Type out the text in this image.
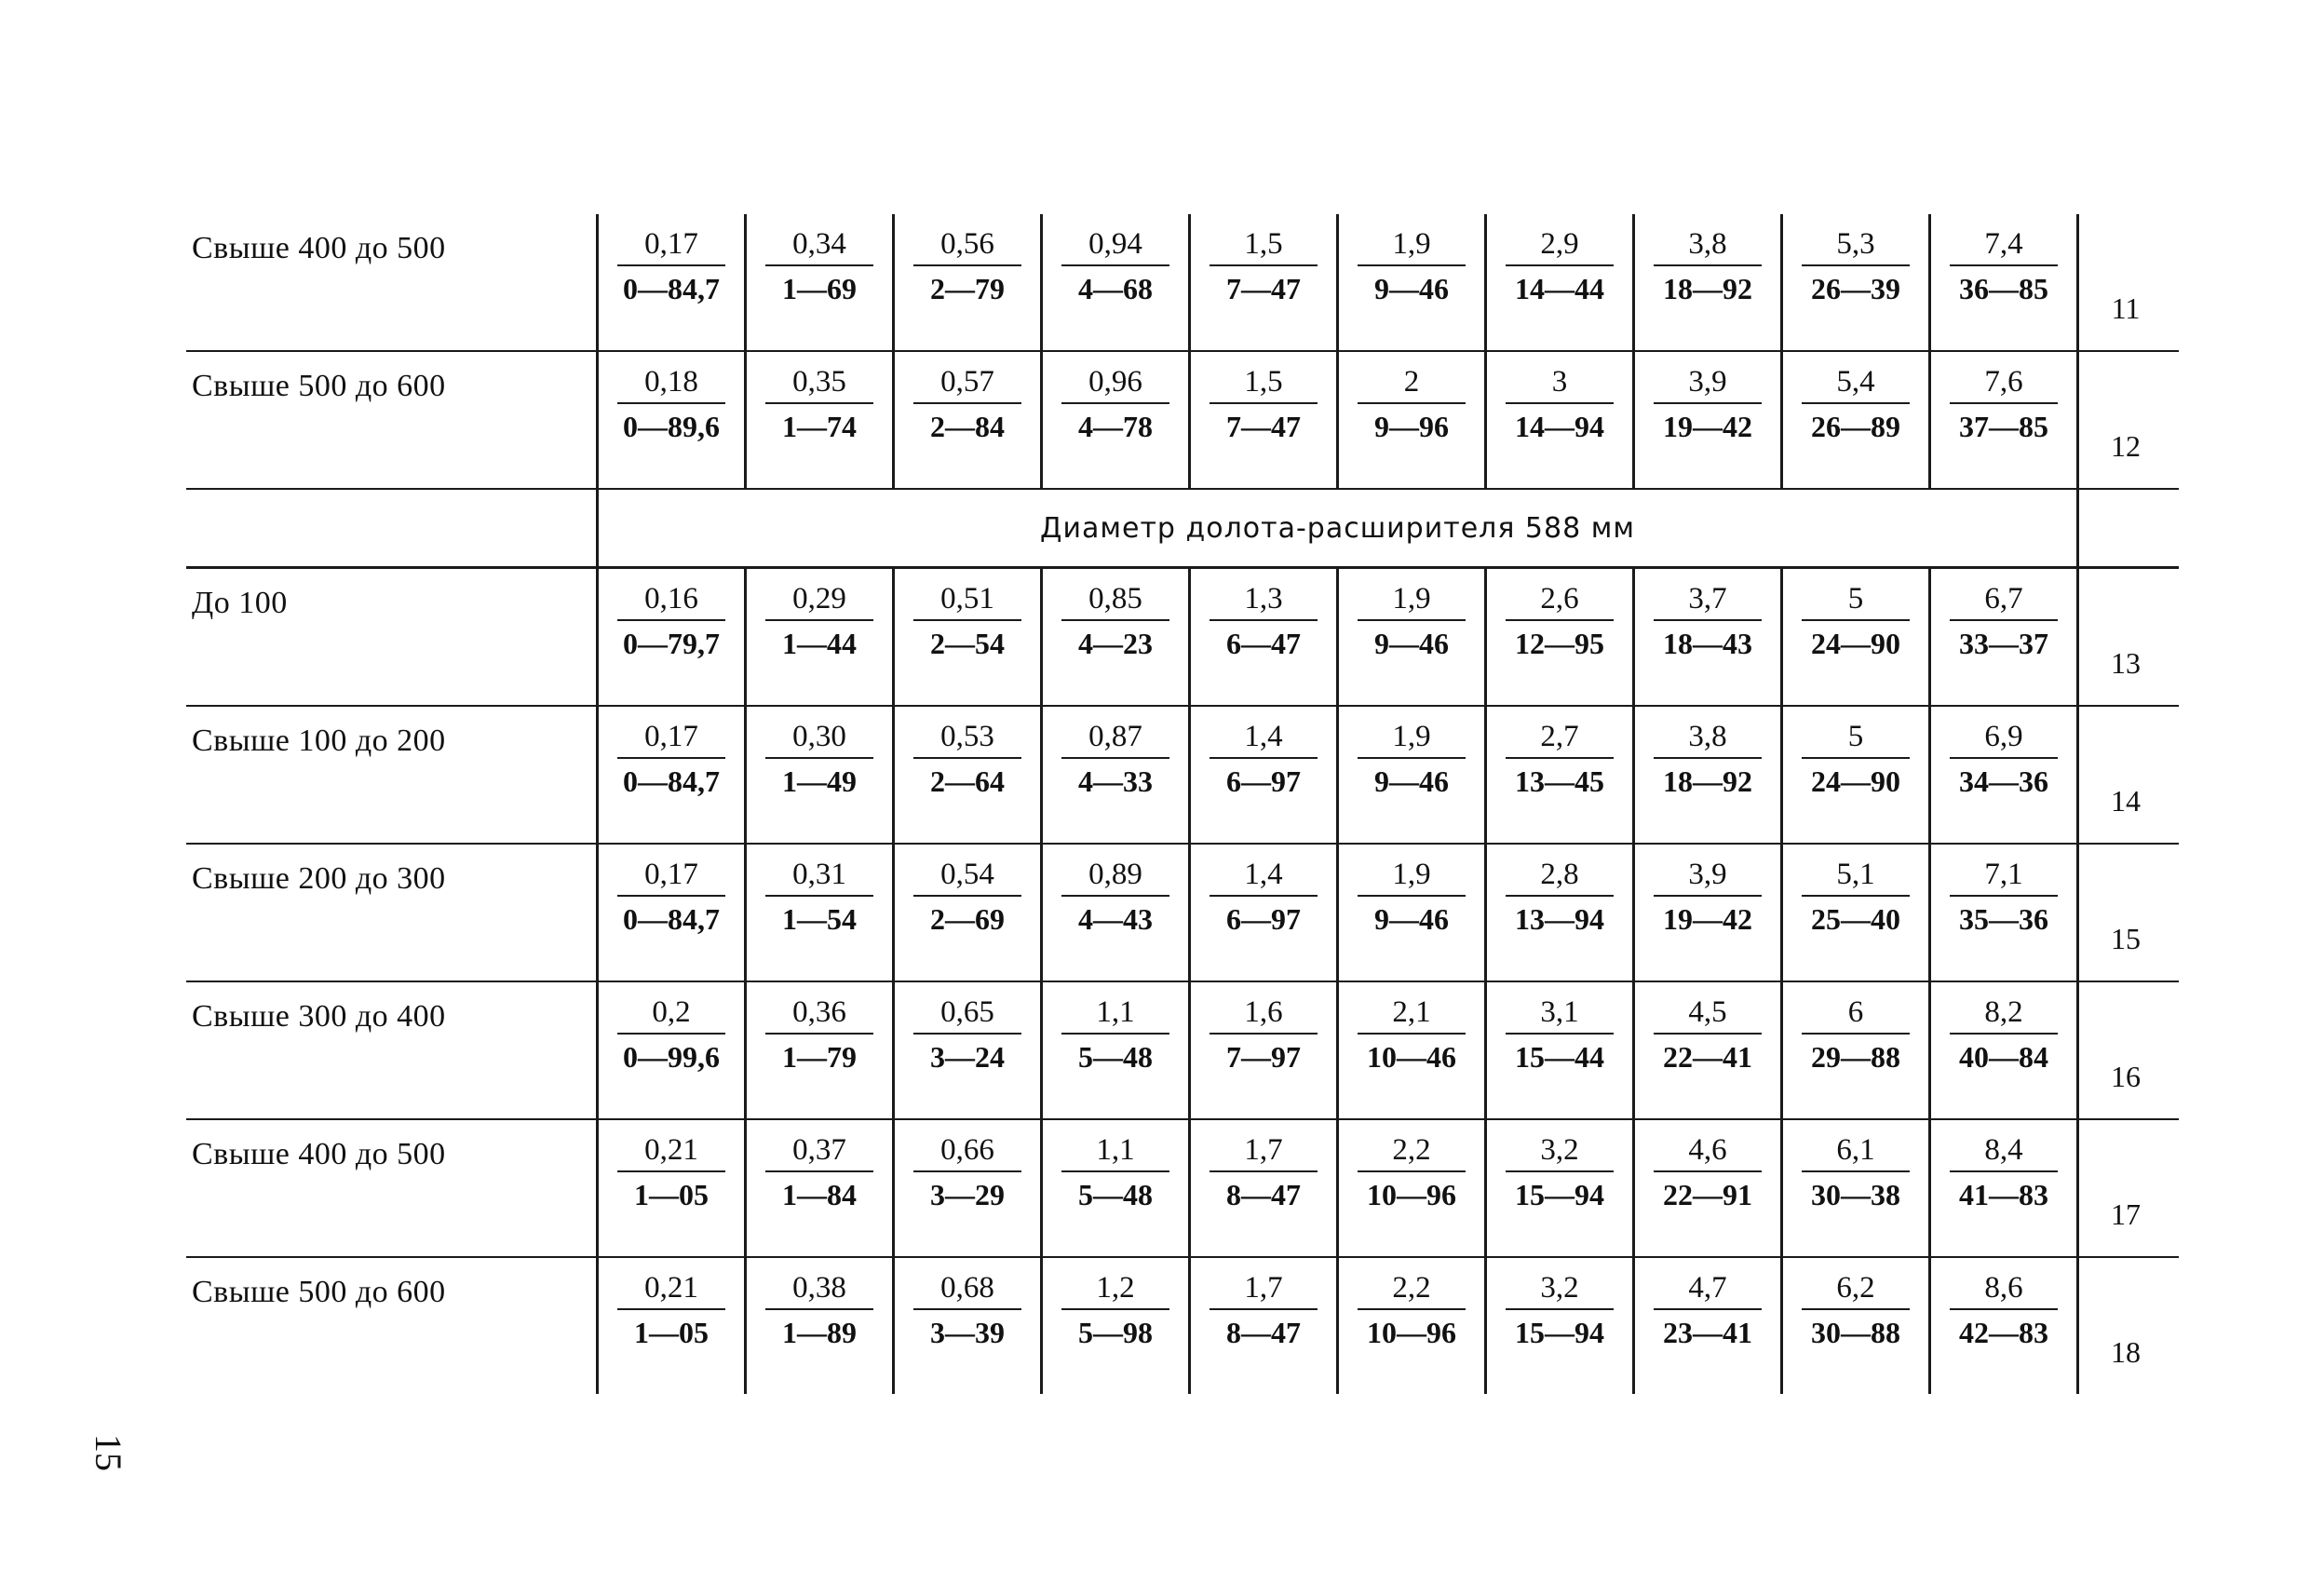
Свыше 400 до 500	$\frac{0,17}{0—84,7} \frac{0,34}{1—69} \frac{0,56}{2—79} \frac{0,94}{4—68} \frac{1,5}{7—47} \frac{1,9}{9—46} \frac{2,9}{14—44} \frac{3,8}{18—92} \frac{5,3}{26—39} \frac{7,4}{36—85}$	11
Свыше 500 до 600	$\frac{0,18}{0—89,6} \frac{0,35}{1—74} \frac{0,57}{2—84} \frac{0,96}{4—78} \frac{1,5}{7—47} \frac{2}{9—96} \frac{3}{14—94} \frac{3,9}{19—42} \frac{5,4}{26—89} \frac{7,6}{37—85}$	12
Диаметр долота-расширителя 588 мм
До 100	$\frac{0,16}{0—79,7} \frac{0,29}{1—44} \frac{0,51}{2—54} \frac{0,85}{4—23} \frac{1,3}{6—47} \frac{1,9}{9—46} \frac{2,6}{12—95} \frac{3,7}{18—43} \frac{5}{24—90} \frac{6,7}{33—37}$	13
Свыше 100 до 200	$\frac{0,17}{0—84,7} \frac{0,30}{1—49} \frac{0,53}{2—64} \frac{0,87}{4—33} \frac{1,4}{6—97} \frac{1,9}{9—46} \frac{2,7}{13—45} \frac{3,8}{18—92} \frac{5}{24—90} \frac{6,9}{34—36}$	14
Свыше 200 до 300	$\frac{0,17}{0—84,7} \frac{0,31}{1—54} \frac{0,54}{2—69} \frac{0,89}{4—43} \frac{1,4}{6—97} \frac{1,9}{9—46} \frac{2,8}{13—94} \frac{3,9}{19—42} \frac{5,1}{25—40} \frac{7,1}{35—36}$	15
Свыше 300 до 400	$\frac{0,2}{0—99,6} \frac{0,36}{1—79} \frac{0,65}{3—24} \frac{1,1}{5—48} \frac{1,6}{7—97} \frac{2,1}{10—46} \frac{3,1}{15—44} \frac{4,5}{22—41} \frac{6}{29—88} \frac{8,2}{40—84}$	16
Свыше 400 до 500	$\frac{0,21}{1—05} \frac{0,37}{1—84} \frac{0,66}{3—29} \frac{1,1}{5—48} \frac{1,7}{8—47} \frac{2,2}{10—96} \frac{3,2}{15—94} \frac{4,6}{22—91} \frac{6,1}{30—38} \frac{8,4}{41—83}$	17
Свыше 500 до 600	$\frac{0,21}{1—05} \frac{0,38}{1—89} \frac{0,68}{3—39} \frac{1,2}{5—98} \frac{1,7}{8—47} \frac{2,2}{10—96} \frac{3,2}{15—94} \frac{4,7}{23—41} \frac{6,2}{30—88} \frac{8,6}{42—83}$	18
15
